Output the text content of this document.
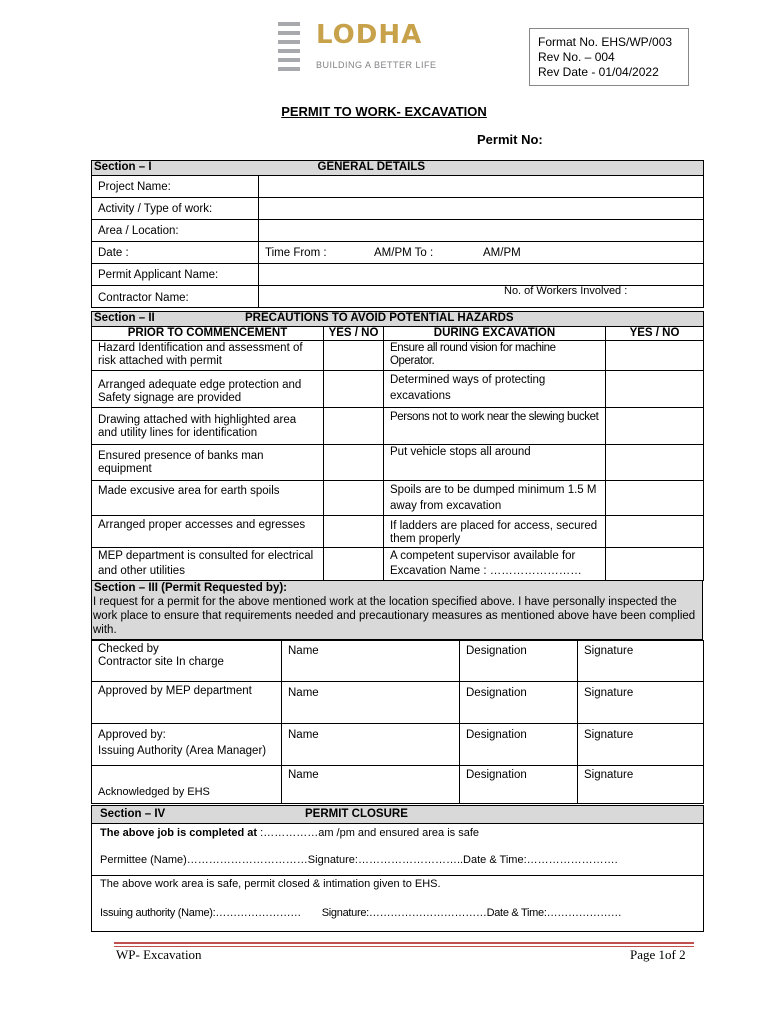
LODHA
BUILDING A BETTER LIFE
Format No. EHS/WP/003
Rev No. – 004
Rev Date - 01/04/2022
PERMIT TO WORK- EXCAVATION
Permit No:
Section – I GENERAL DETAILS	

Project Name:	
Activity / Type of work:	
Area / Location:	
Date :	Time From : AM/PM To : AM/PM

Permit Applicant Name:	
Contractor Name:	No. of Workers Involved :
Section – II PRECAUTIONS TO AVOID POTENTIAL HAZARDS			

PRIOR TO COMMENCEMENT	YES / NO	DURING EXCAVATION	YES / NO
Hazard Identification and assessment of risk attached with permit		Ensure all round vision for machine Operator.	
Arranged adequate edge protection and Safety signage are provided		Determined ways of protecting excavations	
Drawing attached with highlighted area and utility lines for identification		Persons not to work near the slewing bucket	
Ensured presence of banks man equipment		Put vehicle stops all around	
Made excusive area for earth spoils		Spoils are to be dumped minimum 1.5 M away from excavation	
Arranged proper accesses and egresses		If ladders are placed for access, secured them properly	
MEP department is consulted for electrical and other utilities		A competent supervisor available for Excavation Name : ……………………	
Section – III (Permit Requested by):
I request for a permit for the above mentioned work at the location specified above. I have personally inspected the work place to ensure that requirements needed and precautionary measures as mentioned above have been complied with.
Checked by
Contractor site In charge	Name	Designation	Signature

Approved by MEP department	Name	Designation	Signature

Approved by:
Issuing Authority (Area Manager)	Name	Designation	Signature

Acknowledged by EHS	Name	Designation	Signature
Section – IV	PERMIT CLOSURE

The above job is completed at :……………am /pm and ensured area is safe
Permittee (Name)……………………………Signature:………………………..Date & Time:…………………….

The above work area is safe, permit closed & intimation given to EHS.
Issuing authority (Name):…………………… Signature:……………………………Date & Time:…………………
WP- Excavation	Page 1of 2
